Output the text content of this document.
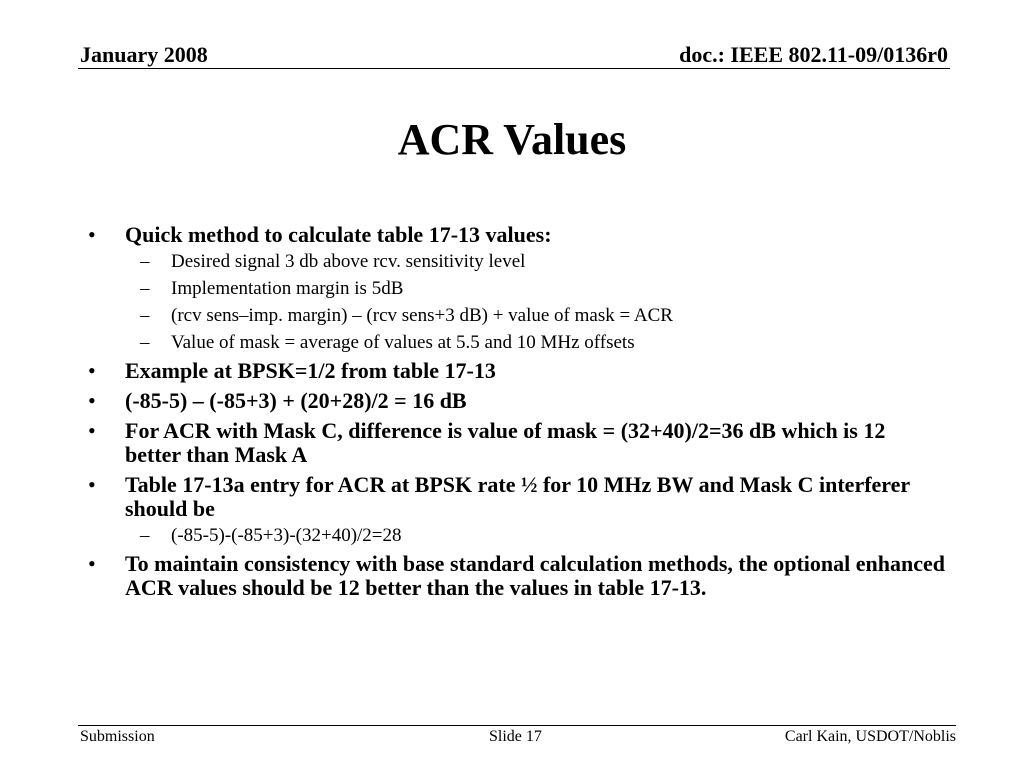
January 2008	doc.: IEEE 802.11-09/0136r0
ACR Values
• Quick method to calculate table 17-13 values:
– Desired signal 3 db above rcv. sensitivity level
– Implementation margin is 5dB
– (rcv sens–imp. margin) – (rcv sens+3 dB) + value of mask = ACR
– Value of mask = average of values at 5.5 and 10 MHz offsets
• Example at BPSK=1/2 from table 17-13
• (-85-5) – (-85+3) + (20+28)/2 = 16 dB
• For ACR with Mask C, difference is value of mask = (32+40)/2=36 dB which is 12 better than Mask A
• Table 17-13a entry for ACR at BPSK rate ½ for 10 MHz BW and Mask C interferer should be
– (-85-5)-(-85+3)-(32+40)/2=28
• To maintain consistency with base standard calculation methods, the optional enhanced ACR values should be 12 better than the values in table 17-13.
Submission	Slide 17	Carl Kain, USDOT/Noblis
